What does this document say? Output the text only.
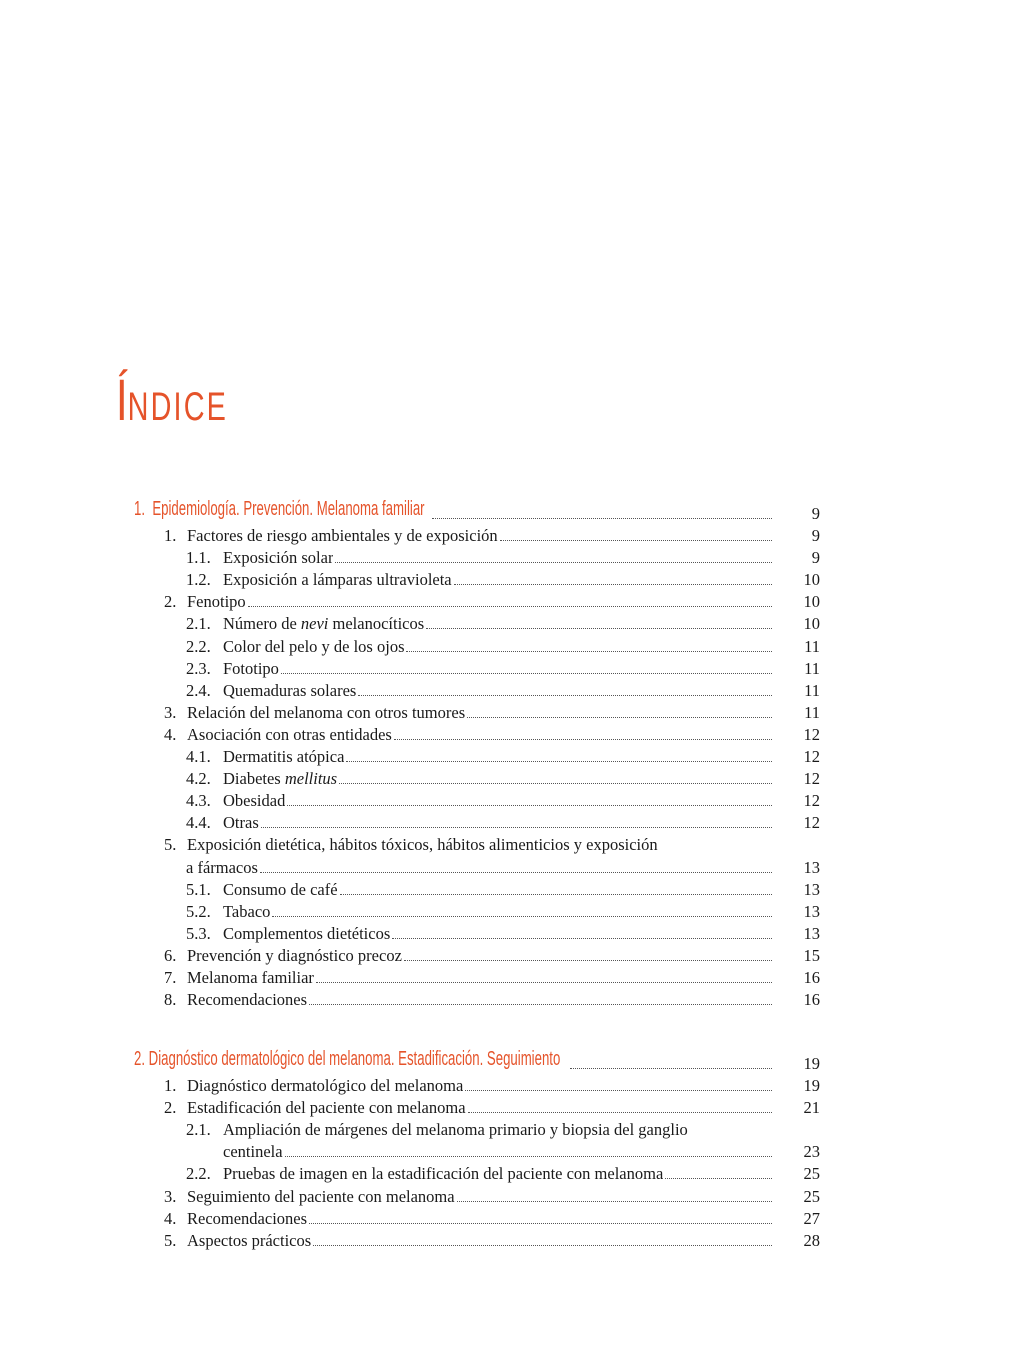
ÍNDICE
1. Epidemiología. Prevención. Melanoma familiar	9
1. Factores de riesgo ambientales y de exposición	9
1.1. Exposición solar	9
1.2. Exposición a lámparas ultravioleta	10
2. Fenotipo	10
2.1. Número de nevi melanocíticos	10
2.2. Color del pelo y de los ojos	11
2.3. Fototipo	11
2.4. Quemaduras solares	11
3. Relación del melanoma con otros tumores	11
4. Asociación con otras entidades	12
4.1. Dermatitis atópica	12
4.2. Diabetes mellitus	12
4.3. Obesidad	12
4.4. Otras	12
5. Exposición dietética, hábitos tóxicos, hábitos alimenticios y exposición
a fármacos	13
5.1. Consumo de café	13
5.2. Tabaco	13
5.3. Complementos dietéticos	13
6. Prevención y diagnóstico precoz	15
7. Melanoma familiar	16
8. Recomendaciones	16
2. Diagnóstico dermatológico del melanoma. Estadificación. Seguimiento	19
1. Diagnóstico dermatológico del melanoma	19
2. Estadificación del paciente con melanoma	21
2.1. Ampliación de márgenes del melanoma primario y biopsia del ganglio
centinela	23
2.2. Pruebas de imagen en la estadificación del paciente con melanoma	25
3. Seguimiento del paciente con melanoma	25
4. Recomendaciones	27
5. Aspectos prácticos	28
